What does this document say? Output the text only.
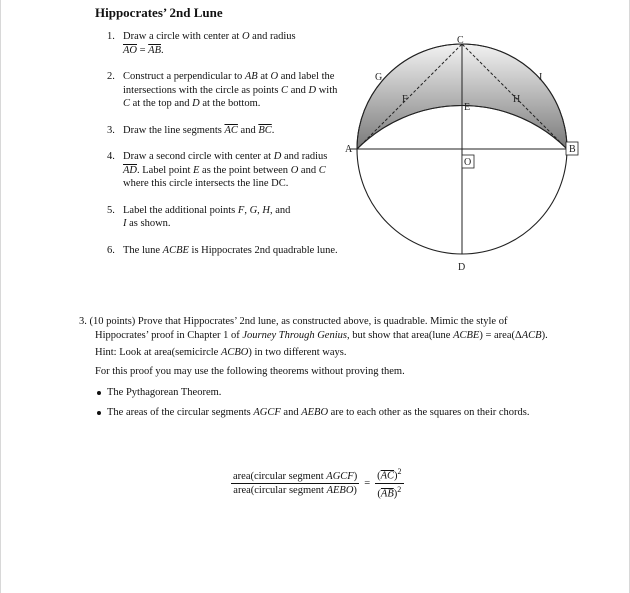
Hippocrates’ 2nd Lune
1. Draw a circle with center at O and radius
$\overline{AO} = \overline{AB}$.
2. Construct a perpendicular to AB at O and label the intersections with the circle as points C and D with C at the top and D at the bottom.
3. Draw the line segments $\overline{AC}$ and $\overline{BC}$.
4. Draw a second circle with center at D and radius $\overline{AD}$. Label point E as the point between O and C where this circle intersects the line DC.
5. Label the additional points F, G, H, and
I as shown.
6. The lune ACBE is Hippocrates 2nd quadrable lune.
C
G	I
F	H
E
A	B
O
D

3. (10 points) Prove that Hippocrates’ 2nd lune, as constructed above, is quadrable. Mimic the style of Hippocrates’ proof in Chapter 1 of Journey Through Genius, but show that area(lune ACBE) = area(ΔACB).

Hint: Look at area(semicircle ACBO) in two different ways.

For this proof you may use the following theorems without proving them.

The Pythagorean Theorem.
The areas of the circular segments AGCF and AEBO are to each other as the squares on their chords.
$\frac{\text{area(circular segment AGCF)}}{\text{area(circular segment AEBO)}} = \frac{(\overline{AC})^2}{(\overline{AB})^2}$
